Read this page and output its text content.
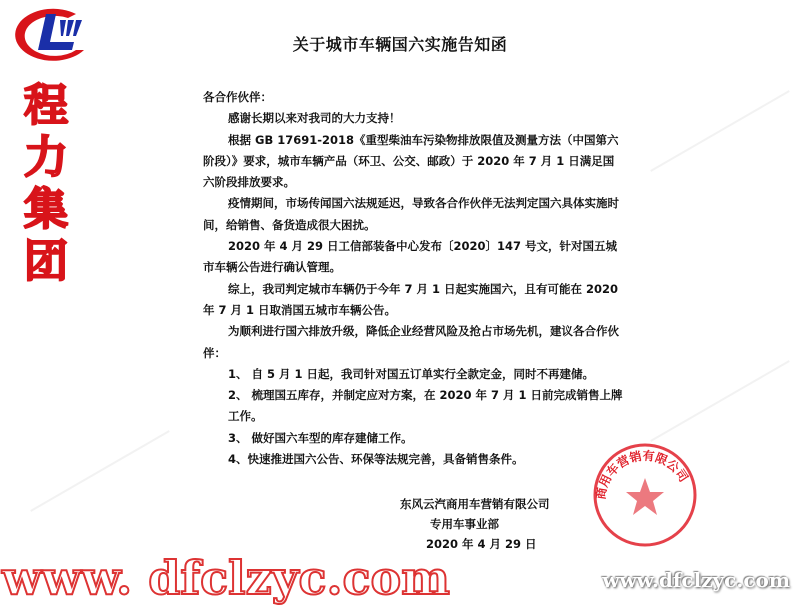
程
力
集
团
关于城市车辆国六实施告知函

各合作伙伴：

感谢长期以来对我司的大力支持！

根据 GB 17691-2018《重型柴油车污染物排放限值及测量方法（中国第六阶段）》要求，城市车辆产品（环卫、公交、邮政）于 2020 年 7 月 1 日满足国六阶段排放要求。

疫情期间，市场传闻国六法规延迟，导致各合作伙伴无法判定国六具体实施时间，给销售、备货造成很大困扰。

2020 年 4 月 29 日工信部装备中心发布〔2020〕147 号文，针对国五城市车辆公告进行确认管理。

综上，我司判定城市车辆仍于今年 7 月 1 日起实施国六，且有可能在 2020 年 7 月 1 日取消国五城市车辆公告。

为顺利进行国六排放升级，降低企业经营风险及抢占市场先机，建议各合作伙伴：

1、 自 5 月 1 日起，我司针对国五订单实行全款定金，同时不再建储。

2、 梳理国五库存，并制定应对方案，在 2020 年 7 月 1 日前完成销售上牌工作。

3、 做好国六车型的库存建储工作。

4、快速推进国六公告、环保等法规完善，具备销售条件。

东风云汽商用车营销有限公司
专用车事业部
2020 年 4 月 29 日
商用车营销有限公司
www. dfclzyc.com	www.dfclzyc.com
